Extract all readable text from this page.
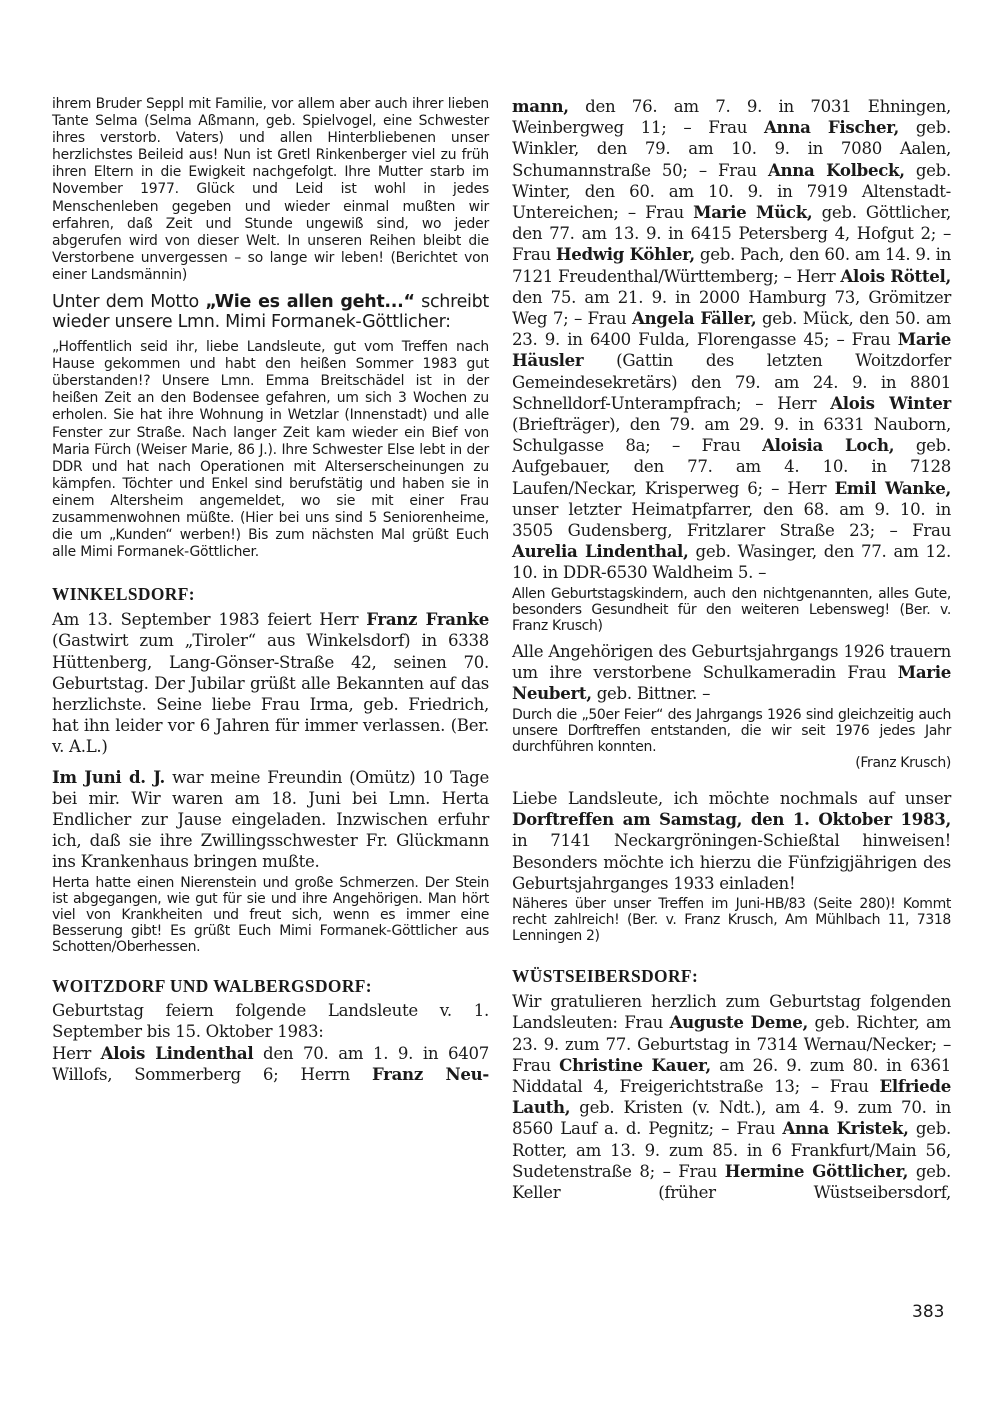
ihrem Bruder Seppl mit Familie, vor allem aber auch ihrer lieben Tante Selma (Selma Aßmann, geb. Spielvogel, eine Schwester ihres verstorb. Vaters) und allen Hinterbliebenen unser herzlichstes Beileid aus! Nun ist Gretl Rinkenberger viel zu früh ihren Eltern in die Ewigkeit nachgefolgt. Ihre Mutter starb im November 1977. Glück und Leid ist wohl in jedes Menschenleben gegeben und wieder einmal mußten wir erfahren, daß Zeit und Stunde ungewiß sind, wo jeder abgerufen wird von dieser Welt. In unseren Reihen bleibt die Verstorbene unvergessen – so lange wir leben! (Berichtet von einer Landsmännin)

Unter dem Motto „Wie es allen geht...“ schreibt wieder unsere Lmn. Mimi Formanek-Göttlicher:

„Hoffentlich seid ihr, liebe Landsleute, gut vom Treffen nach Hause gekommen und habt den heißen Sommer 1983 gut überstanden!? Unsere Lmn. Emma Breitschädel ist in der heißen Zeit an den Bodensee gefahren, um sich 3 Wochen zu erholen. Sie hat ihre Wohnung in Wetzlar (Innenstadt) und alle Fenster zur Straße. Nach langer Zeit kam wieder ein Bief von Maria Fürch (Weiser Marie, 86 J.). Ihre Schwester Else lebt in der DDR und hat nach Operationen mit Alterserscheinungen zu kämpfen. Töchter und Enkel sind berufstätig und haben sie in einem Altersheim angemeldet, wo sie mit einer Frau zusammenwohnen müßte. (Hier bei uns sind 5 Seniorenheime, die um „Kunden“ werben!) Bis zum nächsten Mal grüßt Euch alle Mimi Formanek-Göttlicher.

WINKELSDORF:

Am 13. September 1983 feiert Herr Franz Franke (Gastwirt zum „Tiroler“ aus Winkelsdorf) in 6338 Hüttenberg, Lang-Gönser-Straße 42, seinen 70. Geburtstag. Der Jubilar grüßt alle Bekannten auf das herzlichste. Seine liebe Frau Irma, geb. Friedrich, hat ihn leider vor 6 Jahren für immer verlassen. (Ber. v. A.L.)

Im Juni d. J. war meine Freundin (Omütz) 10 Tage bei mir. Wir waren am 18. Juni bei Lmn. Herta Endlicher zur Jause eingeladen. Inzwischen erfuhr ich, daß sie ihre Zwillingsschwester Fr. Glückmann ins Krankenhaus bringen mußte.

Herta hatte einen Nierenstein und große Schmerzen. Der Stein ist abgegangen, wie gut für sie und ihre Angehörigen. Man hört viel von Krankheiten und freut sich, wenn es immer eine Besserung gibt! Es grüßt Euch Mimi Formanek-Göttlicher aus Schotten/Oberhessen.

WOITZDORF UND WALBERGSDORF:

Geburtstag feiern folgende Landsleute v. 1. September bis 15. Oktober 1983:

Herr Alois Lindenthal den 70. am 1. 9. in 6407 Willofs, Sommerberg 6; Herrn Franz Neu-

mann, den 76. am 7. 9. in 7031 Ehningen, Weinbergweg 11; – Frau Anna Fischer, geb. Winkler, den 79. am 10. 9. in 7080 Aalen, Schumannstraße 50; – Frau Anna Kolbeck, geb. Winter, den 60. am 10. 9. in 7919 Altenstadt-Untereichen; – Frau Marie Mück, geb. Göttlicher, den 77. am 13. 9. in 6415 Petersberg 4, Hofgut 2; – Frau Hedwig Köhler, geb. Pach, den 60. am 14. 9. in 7121 Freudenthal/Württemberg; – Herr Alois Röttel, den 75. am 21. 9. in 2000 Hamburg 73, Grömitzer Weg 7; – Frau Angela Fäller, geb. Mück, den 50. am 23. 9. in 6400 Fulda, Florengasse 45; – Frau Marie Häusler (Gattin des letzten Woitzdorfer Gemeindesekretärs) den 79. am 24. 9. in 8801 Schnelldorf-Unterampfrach; – Herr Alois Winter (Briefträger), den 79. am 29. 9. in 6331 Nauborn, Schulgasse 8a; – Frau Aloisia Loch, geb. Aufgebauer, den 77. am 4. 10. in 7128 Laufen/Neckar, Krisperweg 6; – Herr Emil Wanke, unser letzter Heimatpfarrer, den 68. am 9. 10. in 3505 Gudensberg, Fritzlarer Straße 23; – Frau Aurelia Lindenthal, geb. Wasinger, den 77. am 12. 10. in DDR-6530 Waldheim 5. –

Allen Geburtstagskindern, auch den nichtgenannten, alles Gute, besonders Gesundheit für den weiteren Lebensweg! (Ber. v. Franz Krusch)

Alle Angehörigen des Geburtsjahrgangs 1926 trauern um ihre verstorbene Schulkameradin Frau Marie Neubert, geb. Bittner. –

Durch die „50er Feier“ des Jahrgangs 1926 sind gleichzeitig auch unsere Dorftreffen entstanden, die wir seit 1976 jedes Jahr durchführen konnten.

(Franz Krusch)

Liebe Landsleute, ich möchte nochmals auf unser Dorftreffen am Samstag, den 1. Oktober 1983, in 7141 Neckargröningen-Schießtal hinweisen! Besonders möchte ich hierzu die Fünfzigjährigen des Geburtsjahrganges 1933 einladen!

Näheres über unser Treffen im Juni-HB/83 (Seite 280)! Kommt recht zahlreich! (Ber. v. Franz Krusch, Am Mühlbach 11, 7318 Lenningen 2)

WÜSTSEIBERSDORF:

Wir gratulieren herzlich zum Geburtstag folgenden Landsleuten: Frau Auguste Deme, geb. Richter, am 23. 9. zum 77. Geburtstag in 7314 Wernau/Necker; – Frau Christine Kauer, am 26. 9. zum 80. in 6361 Niddatal 4, Freigerichtstraße 13; – Frau Elfriede Lauth, geb. Kristen (v. Ndt.), am 4. 9. zum 70. in 8560 Lauf a. d. Pegnitz; – Frau Anna Kristek, geb. Rotter, am 13. 9. zum 85. in 6 Frankfurt/Main 56, Sudetenstraße 8; – Frau Hermine Göttlicher, geb. Keller (früher Wüstseibersdorf,

383
